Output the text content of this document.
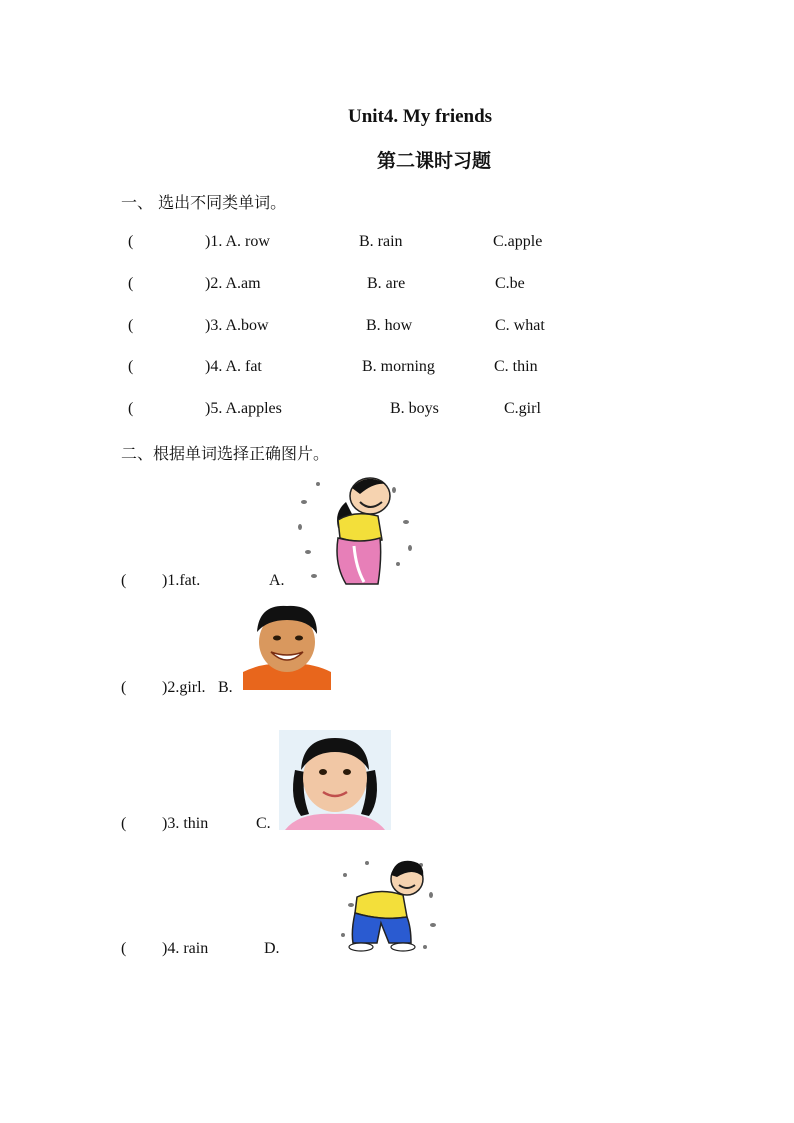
Unit4. My friends
第二课时习题
一、 选出不同类单词。
(	)1. A. row	B. rain	C.apple
(	)2. A.am	B. are	C.be
(	)3. A.bow	B. how	C. what
(	)4. A. fat	B. morning	C. thin
(	)5. A.apples	B. boys	C.girl
二、根据单词选择正确图片。
( )1.fat.	A.
( )2.girl. B.
( )3. thin	C.
( )4. rain	D.
